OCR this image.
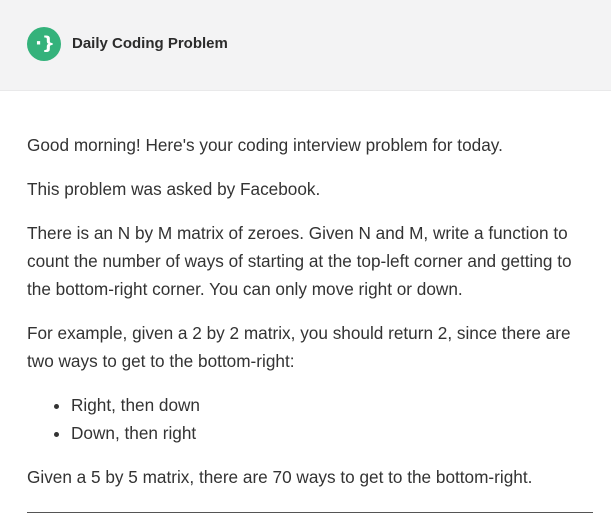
·}	Daily Coding Problem

Good morning! Here's your coding interview problem for today.

This problem was asked by Facebook.

There is an N by M matrix of zeroes. Given N and M, write a function to count the number of ways of starting at the top-left corner and getting to the bottom-right corner. You can only move right or down.

For example, given a 2 by 2 matrix, you should return 2, since there are two ways to get to the bottom-right:

• Right, then down
• Down, then right

Given a 5 by 5 matrix, there are 70 ways to get to the bottom-right.
